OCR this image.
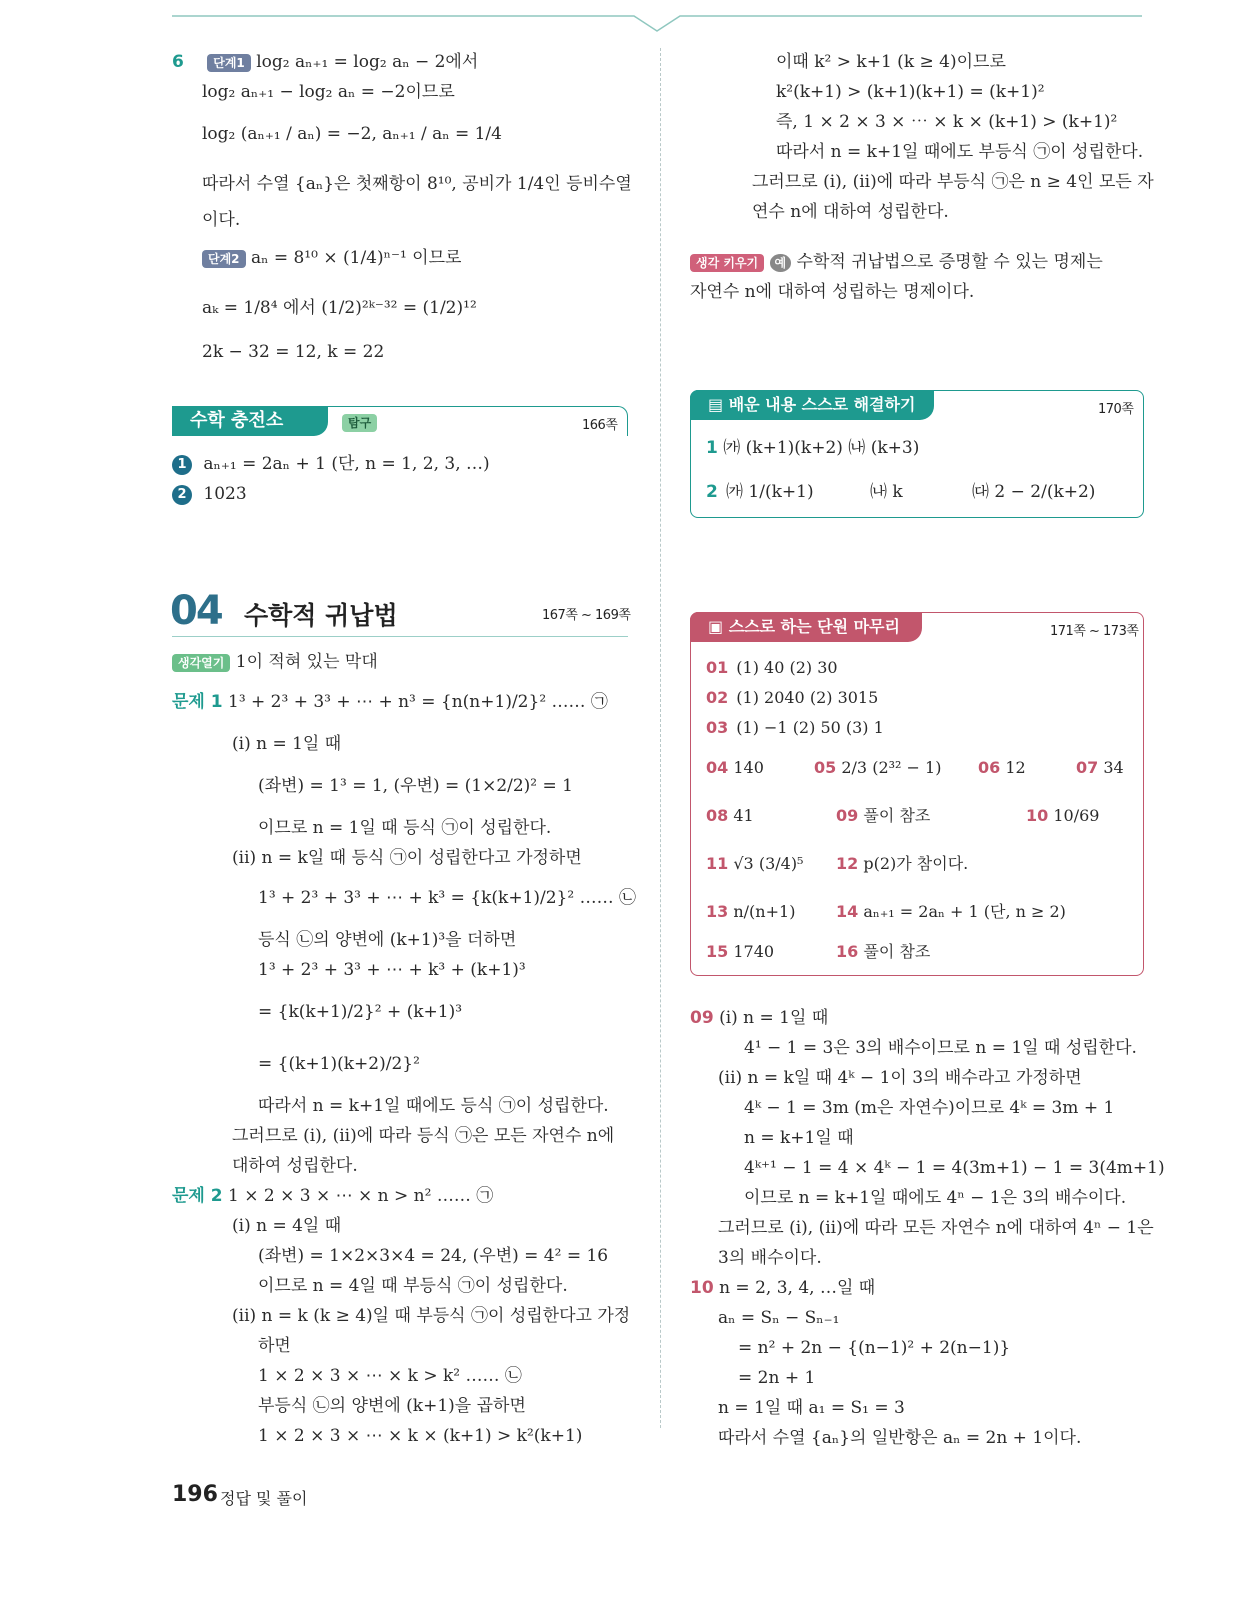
6 단계1 log₂ aₙ₊₁ = log₂ aₙ − 2에서
log₂ aₙ₊₁ − log₂ aₙ = −2이므로
log₂ (aₙ₊₁ / aₙ) = −2, aₙ₊₁ / aₙ = 1/4
따라서 수열 {aₙ}은 첫째항이 8¹⁰, 공비가 1/4인 등비수열
이다.
단계2 aₙ = 8¹⁰ × (1/4)ⁿ⁻¹ 이므로
aₖ = 1/8⁴ 에서 (1/2)²ᵏ⁻³² = (1/2)¹²
2k − 32 = 12, k = 22
수학 충전소	탐구	166쪽
1 aₙ₊₁ = 2aₙ + 1 (단, n = 1, 2, 3, …)
2 1023
04 수학적 귀납법	167쪽 ~ 169쪽
생각열기 1이 적혀 있는 막대
문제 1 1³ + 2³ + 3³ + ⋯ + n³ = {n(n+1)/2}² …… ㉠
(i) n = 1일 때
(좌변) = 1³ = 1, (우변) = (1×2/2)² = 1
이므로 n = 1일 때 등식 ㉠이 성립한다.
(ii) n = k일 때 등식 ㉠이 성립한다고 가정하면
1³ + 2³ + 3³ + ⋯ + k³ = {k(k+1)/2}² …… ㉡
등식 ㉡의 양변에 (k+1)³을 더하면
1³ + 2³ + 3³ + ⋯ + k³ + (k+1)³
= {k(k+1)/2}² + (k+1)³
= {(k+1)(k+2)/2}²
따라서 n = k+1일 때에도 등식 ㉠이 성립한다.
그러므로 (i), (ii)에 따라 등식 ㉠은 모든 자연수 n에
대하여 성립한다.
문제 2 1 × 2 × 3 × ⋯ × n > n² …… ㉠
(i) n = 4일 때
(좌변) = 1×2×3×4 = 24, (우변) = 4² = 16
이므로 n = 4일 때 부등식 ㉠이 성립한다.
(ii) n = k (k ≥ 4)일 때 부등식 ㉠이 성립한다고 가정
하면
1 × 2 × 3 × ⋯ × k > k² …… ㉡
부등식 ㉡의 양변에 (k+1)을 곱하면
1 × 2 × 3 × ⋯ × k × (k+1) > k²(k+1)
이때 k² > k+1 (k ≥ 4)이므로
k²(k+1) > (k+1)(k+1) = (k+1)²
즉, 1 × 2 × 3 × ⋯ × k × (k+1) > (k+1)²
따라서 n = k+1일 때에도 부등식 ㉠이 성립한다.
그러므로 (i), (ii)에 따라 부등식 ㉠은 n ≥ 4인 모든 자
연수 n에 대하여 성립한다.
생각 키우기 예 수학적 귀납법으로 증명할 수 있는 명제는
자연수 n에 대하여 성립하는 명제이다.
▤ 배운 내용 스스로 해결하기	170쪽
1 ㈎ (k+1)(k+2) ㈏ (k+3)
2 ㈎ 1/(k+1)	㈏ k	㈐ 2 − 2/(k+2)
▣ 스스로 하는 단원 마무리	171쪽 ~ 173쪽
01 (1) 40 (2) 30
02 (1) 2040 (2) 3015
03 (1) −1 (2) 50 (3) 1
04 140	05 2/3 (2³² − 1) 06 12	07 34
08 41	09 풀이 참조	10 10/69
11 √3 (3/4)⁵ 12 p(2)가 참이다.
13 n/(n+1)	14 aₙ₊₁ = 2aₙ + 1 (단, n ≥ 2)
15 1740	16 풀이 참조
09 (i) n = 1일 때
4¹ − 1 = 3은 3의 배수이므로 n = 1일 때 성립한다.
(ii) n = k일 때 4ᵏ − 1이 3의 배수라고 가정하면
4ᵏ − 1 = 3m (m은 자연수)이므로 4ᵏ = 3m + 1
n = k+1일 때
4ᵏ⁺¹ − 1 = 4 × 4ᵏ − 1 = 4(3m+1) − 1 = 3(4m+1)
이므로 n = k+1일 때에도 4ⁿ − 1은 3의 배수이다.
그러므로 (i), (ii)에 따라 모든 자연수 n에 대하여 4ⁿ − 1은
3의 배수이다.
10 n = 2, 3, 4, …일 때
aₙ = Sₙ − Sₙ₋₁
= n² + 2n − {(n−1)² + 2(n−1)}
= 2n + 1
n = 1일 때 a₁ = S₁ = 3
따라서 수열 {aₙ}의 일반항은 aₙ = 2n + 1이다.
196 정답 및 풀이
